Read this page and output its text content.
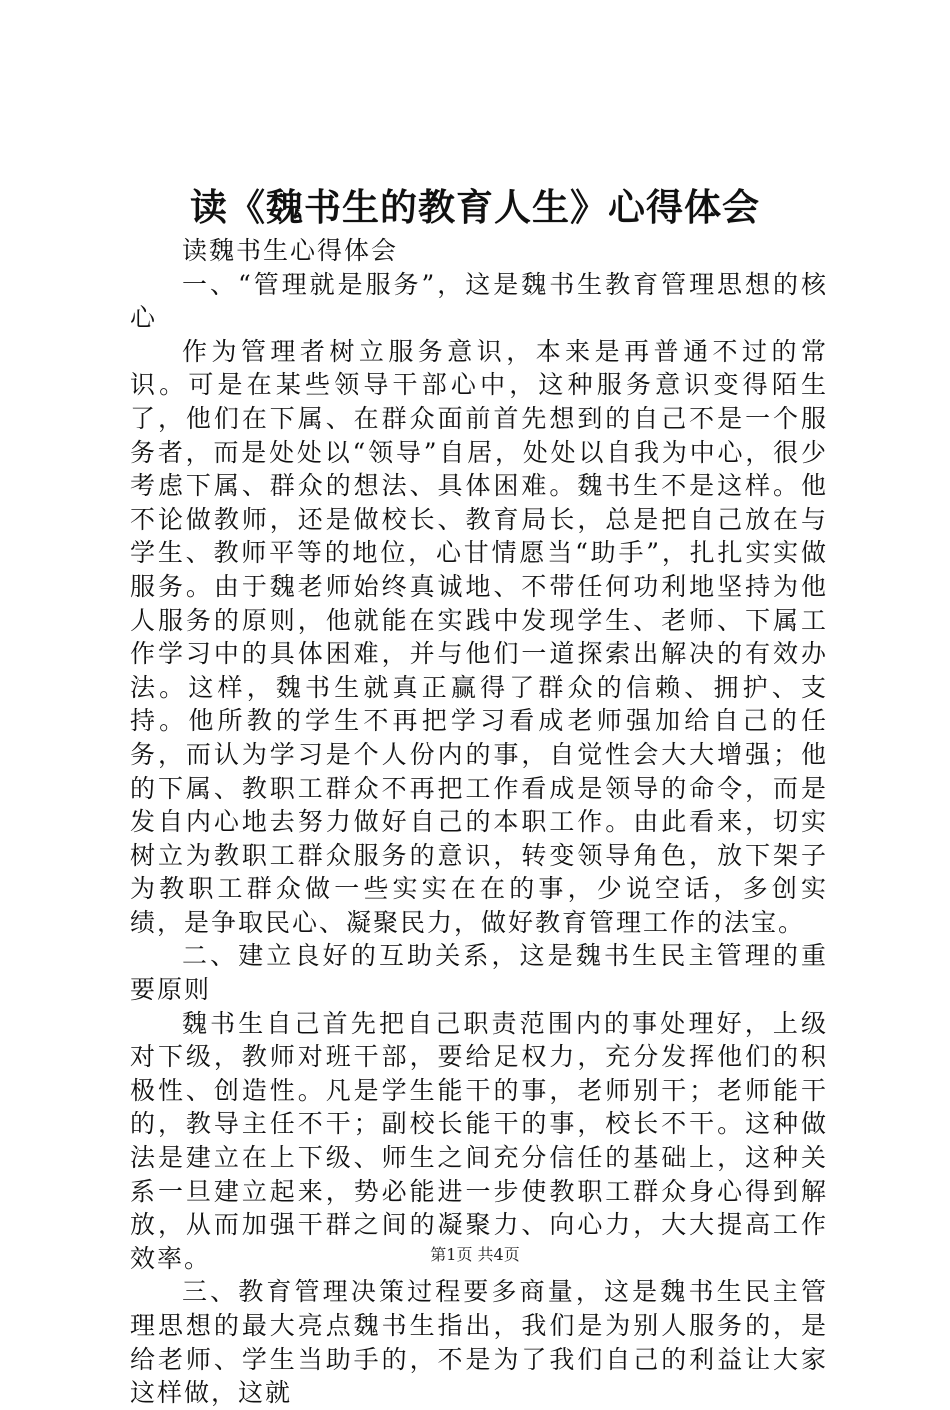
读《魏书生的教育人生》心得体会

读魏书生心得体会

一、“管理就是服务”，这是魏书生教育管理思想的核心

作为管理者树立服务意识，本来是再普通不过的常识。可是在某些领导干部心中，这种服务意识变得陌生了，他们在下属、在群众面前首先想到的自己不是一个服务者，而是处处以“领导”自居，处处以自我为中心，很少考虑下属、群众的想法、具体困难。魏书生不是这样。他不论做教师，还是做校长、教育局长，总是把自己放在与学生、教师平等的地位，心甘情愿当“助手”，扎扎实实做服务。由于魏老师始终真诚地、不带任何功利地坚持为他人服务的原则，他就能在实践中发现学生、老师、下属工作学习中的具体困难，并与他们一道探索出解决的有效办法。这样，魏书生就真正赢得了群众的信赖、拥护、支持。他所教的学生不再把学习看成老师强加给自己的任务，而认为学习是个人份内的事，自觉性会大大增强；他的下属、教职工群众不再把工作看成是领导的命令，而是发自内心地去努力做好自己的本职工作。由此看来，切实树立为教职工群众服务的意识，转变领导角色，放下架子为教职工群众做一些实实在在的事，少说空话，多创实绩，是争取民心、凝聚民力，做好教育管理工作的法宝。

二、建立良好的互助关系，这是魏书生民主管理的重要原则

魏书生自己首先把自己职责范围内的事处理好，上级对下级，教师对班干部，要给足权力，充分发挥他们的积极性、创造性。凡是学生能干的事，老师别干；老师能干的，教导主任不干；副校长能干的事，校长不干。这种做法是建立在上下级、师生之间充分信任的基础上，这种关系一旦建立起来，势必能进一步使教职工群众身心得到解放，从而加强干群之间的凝聚力、向心力，大大提高工作效率。

三、教育管理决策过程要多商量，这是魏书生民主管理思想的最大亮点魏书生指出，我们是为别人服务的，是给老师、学生当助手的，不是为了我们自己的利益让大家这样做，这就

第1页 共4页
